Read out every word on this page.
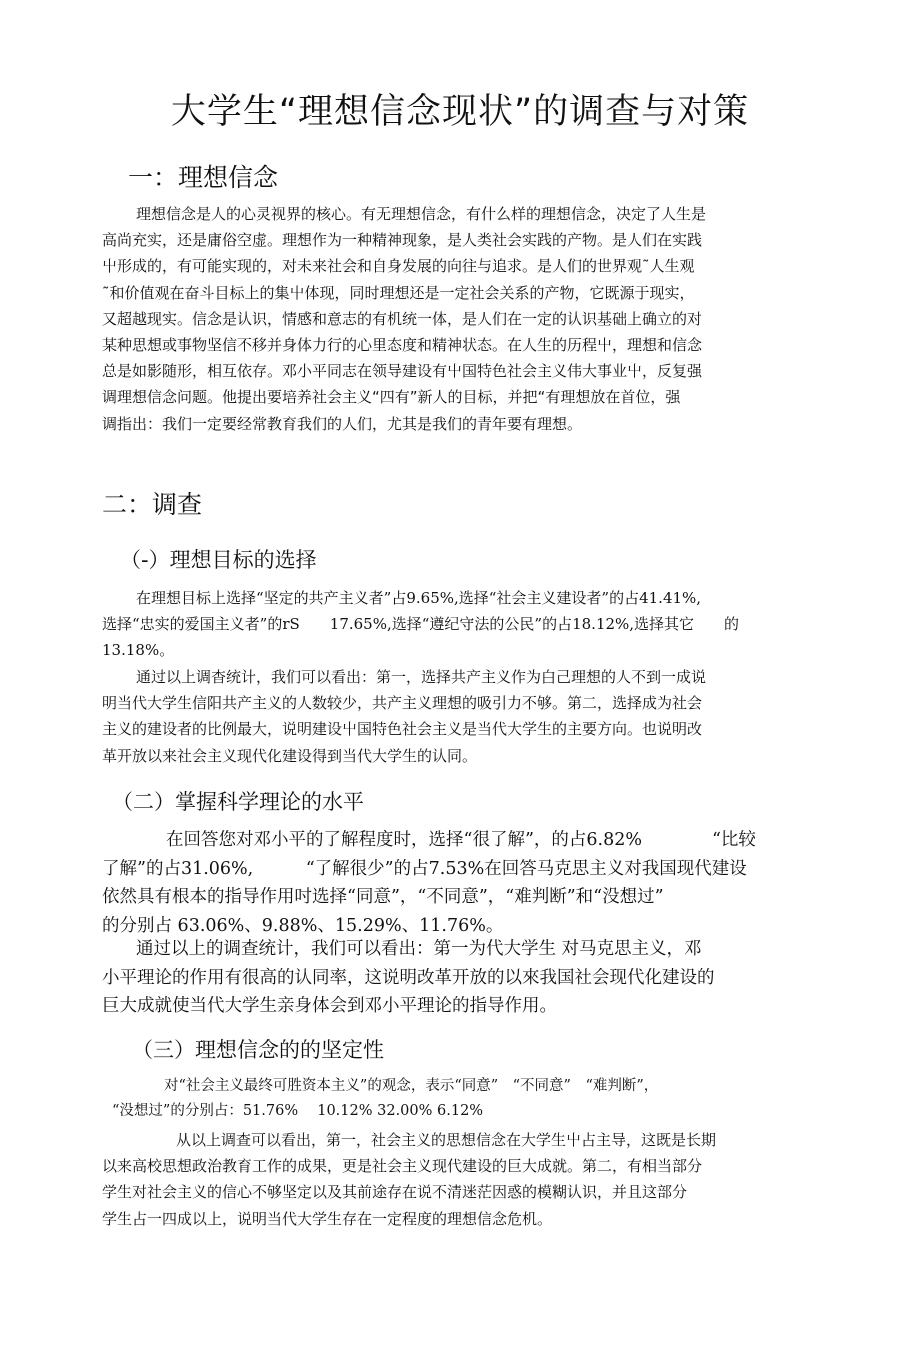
大学生“理想信念现状”的调查与对策
一：理想信念

理想信念是人的心灵视界的核心。有无理想信念，有什么样的理想信念，决定了人生是

高尚充实，还是庸俗空虚。理想作为一种精神现象，是人类社会实践的产物。是人们在实践

屮形成的，有可能实现的，对未来社会和自身发展的向往与追求。是人们的世界观˜人生观

˜和价值观在奋斗目标上的集屮体现，同时理想还是一定社会关系的产物，它既源于现实，

又超越现实。信念是认识，情感和意志的有机统一体，是人们在一定的认识基础上确立的对

某种思想或事物坚信不移并身体力行的心里态度和精神状态。在人生的历程屮，理想和信念

总是如影随形，相互依存。邓小平同志在领导建设有屮国特色社会主义伟大事业屮，反复强

调理想信念问题。他提出要培养社会主义“四有”新人的目标，并把“有理想放在首位，强

调指出：我们一定要经常教育我们的人们，尤其是我们的青年要有理想。

二：调查
（-）理想目标的选择

在理想目标上选择“坚定的共产主义者”占9.65%,选择“社会主义建设者”的占41.41%,

选择“忠实的爱国主义者”的rS　　17.65%,选择“遵纪守法的公民”的占18.12%,选择其它　　的

13.18%。

通过以上调杳统计，我们可以看出：第一，选择共产主义作为白己理想的人不到一成说

明当代大学生信阳共产主义的人数较少，共产主义理想的吸引力不够。第二，选择成为社会

主义的建设者的比例最大，说明建设屮国特色社会主义是当代大学生的主要方向。也说明改

革开放以来社会主义现代化建设得到当代大学生的认同。

（二）掌握科学理论的水平

在回答您对邓小平的了解程度时，选择“很了解”，的占6.82%　　　　“比较

了解”的占31.06%,　　　“了解很少”的占7.53%在回答马克思主义对我国现代建设

依然具有根本的指导作用吋选择“同意”，“不同意”，“难判断”和“没想过”

的分别占 63.06%、9.88%、15.29%、11.76%。

通过以上的调查统计，我们可以看出：第一为代大学生 对马克思主义，邓

小平理论的作用有很高的认同率，这说明改革开放的以來我国社会现代化建设的

巨大成就使当代大学生亲身体会到邓小平理论的指导作用。

（三）理想信念的的坚定性

对“社会主义最终可胜资本主义”的观念，表示“同意”　“不同意”　“难判断”，

“没想过”的分别占：51.76%　 10.12% 32.00% 6.12%

从以上调查可以看出，第一，社会主义的思想信念在大学生屮占主导，这既是长期

以来高校思想政治教育工作的成果，更是社会主义现代建设的巨大成就。第二，有相当部分

学生对社会主义的信心不够坚定以及其前途存在说不清迷茫因惑的模糊认识，并且这部分

学生占一四成以上，说明当代大学生存在一定程度的理想信念危机。
